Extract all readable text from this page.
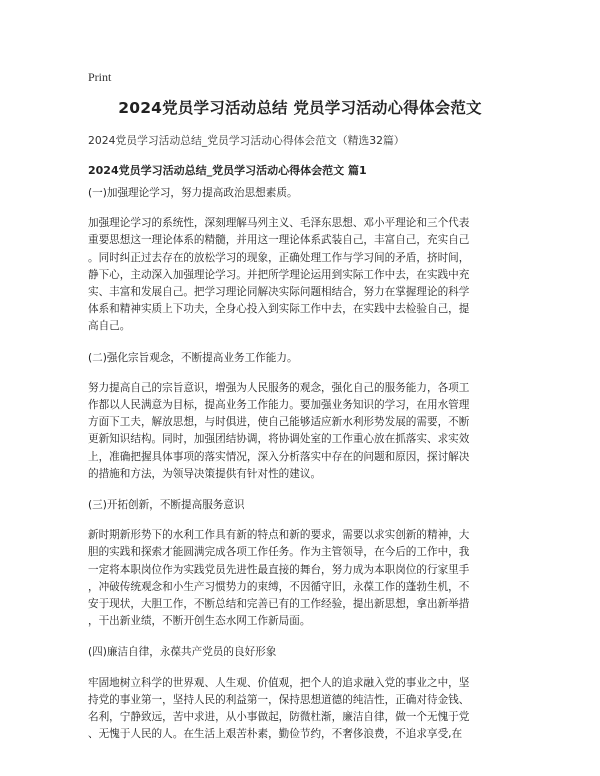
Print
2024党员学习活动总结 党员学习活动心得体会范文
2024党员学习活动总结_党员学习活动心得体会范文（精选32篇）
2024党员学习活动总结_党员学习活动心得体会范文 篇1

(一)加强理论学习，努力提高政治思想素质。

加强理论学习的系统性，深刻理解马列主义、毛泽东思想、邓小平理论和三个代表
重要思想这一理论体系的精髓，并用这一理论体系武装自己，丰富自己，充实自己
。同时纠正过去存在的放松学习的现象，正确处理工作与学习间的矛盾，挤时间，
静下心，主动深入加强理论学习。并把所学理论运用到实际工作中去，在实践中充
实、丰富和发展自己。把学习理论同解决实际问题相结合，努力在掌握理论的科学
体系和精神实质上下功夫，全身心投入到实际工作中去，在实践中去检验自己，提
高自己。

(二)强化宗旨观念，不断提高业务工作能力。

努力提高自己的宗旨意识，增强为人民服务的观念，强化自己的服务能力，各项工
作都以人民满意为目标，提高业务工作能力。要加强业务知识的学习，在用水管理
方面下工夫，解放思想，与时俱进，使自己能够适应新水利形势发展的需要，不断
更新知识结构。同时，加强团结协调，将协调处室的工作重心放在抓落实、求实效
上，准确把握具体事项的落实情况，深入分析落实中存在的问题和原因，探讨解决
的措施和方法，为领导决策提供有针对性的建议。

(三)开拓创新，不断提高服务意识

新时期新形势下的水利工作具有新的特点和新的要求，需要以求实创新的精神，大
胆的实践和探索才能圆满完成各项工作任务。作为主管领导，在今后的工作中，我
一定将本职岗位作为实践党员先进性最直接的舞台，努力成为本职岗位的行家里手
，冲破传统观念和小生产习惯势力的束缚，不因循守旧，永葆工作的蓬勃生机，不
安于现状，大胆工作，不断总结和完善已有的工作经验，提出新思想，拿出新举措
，干出新业绩，不断开创生态水网工作新局面。

(四)廉洁自律，永葆共产党员的良好形象

牢固地树立科学的世界观、人生观、价值观，把个人的追求融入党的事业之中，坚
持党的事业第一，坚持人民的利益第一，保持思想道德的纯洁性，正确对待金钱、
名利，宁静致远，苦中求进，从小事做起，防微杜渐，廉洁自律，做一个无愧于党
、无愧于人民的人。在生活上艰苦朴素，勤俭节约，不奢侈浪费，不追求享受,在
